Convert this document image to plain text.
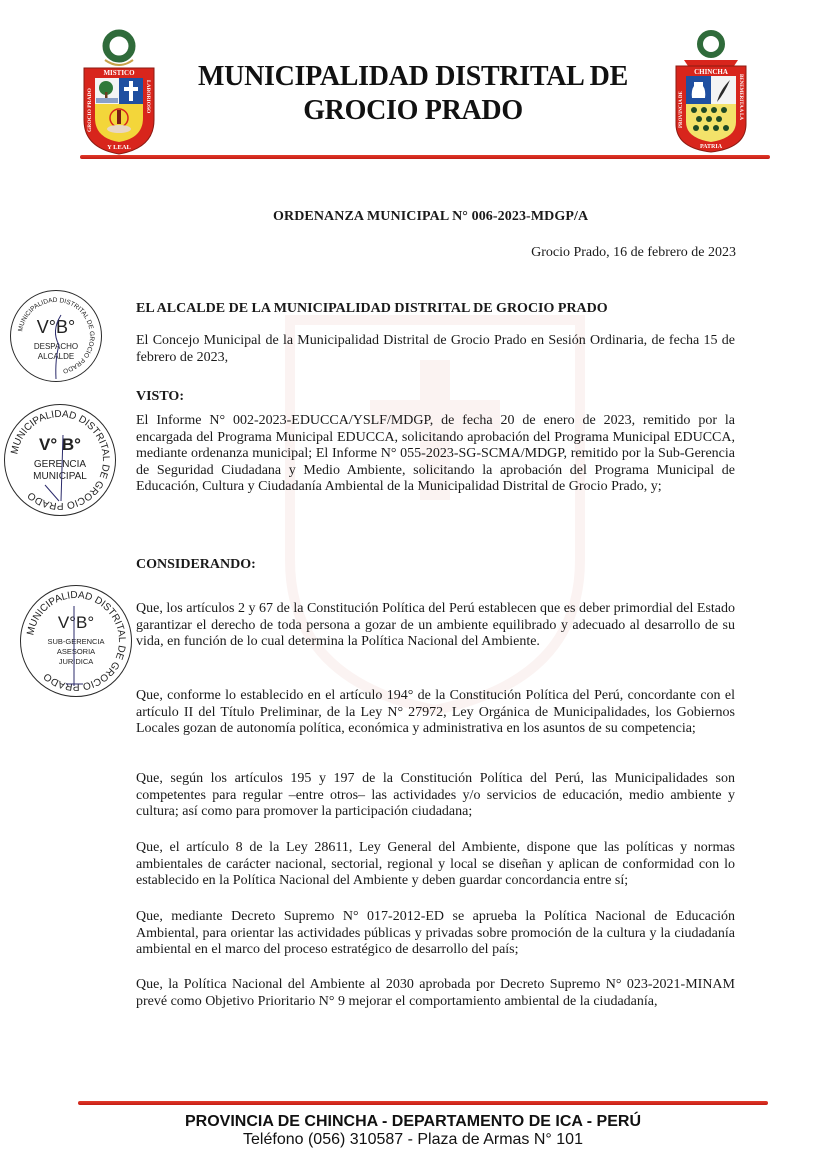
MISTICO
Y LEAL
GROCIO PRADO	LABORIOSO
MUNICIPALIDAD DISTRITAL DE
GROCIO PRADO
CHINCHA
PATRIA
PROVINCIA DE	BENEMERITA A LA
ORDENANZA MUNICIPAL N° 006-2023-MDGP/A
Grocio Prado, 16 de febrero de 2023
MUNICIPALIDAD DISTRITAL DE GROCIO PRADO
V°B°
DESPACHO
ALCALDE
EL ALCALDE DE LA MUNICIPALIDAD DISTRITAL DE GROCIO PRADO
El Concejo Municipal de la Municipalidad Distrital de Grocio Prado en Sesión Ordinaria, de fecha 15 de febrero de 2023,
VISTO:
MUNICIPALIDAD DISTRITAL DE GROCIO PRADO
V° B°
GERENCIA
MUNICIPAL
El Informe N° 002-2023-EDUCCA/YSLF/MDGP, de fecha 20 de enero de 2023, remitido por la encargada del Programa Municipal EDUCCA, solicitando aprobación del Programa Municipal EDUCCA, mediante ordenanza municipal; El Informe N° 055-2023-SG-SCMA/MDGP, remitido por la Sub-Gerencia de Seguridad Ciudadana y Medio Ambiente, solicitando la aprobación del Programa Municipal de Educación, Cultura y Ciudadanía Ambiental de la Municipalidad Distrital de Grocio Prado, y;
CONSIDERANDO:
MUNICIPALIDAD DISTRITAL DE GROCIO PRADO
V°B°
SUB-GERENCIA
ASESORIA
JURIDICA
Que, los artículos 2 y 67 de la Constitución Política del Perú establecen que es deber primordial del Estado garantizar el derecho de toda persona a gozar de un ambiente equilibrado y adecuado al desarrollo de su vida, en función de lo cual determina la Política Nacional del Ambiente.
Que, conforme lo establecido en el artículo 194° de la Constitución Política del Perú, concordante con el artículo II del Título Preliminar, de la Ley N° 27972, Ley Orgánica de Municipalidades, los Gobiernos Locales gozan de autonomía política, económica y administrativa en los asuntos de su competencia;
Que, según los artículos 195 y 197 de la Constitución Política del Perú, las Municipalidades son competentes para regular –entre otros– las actividades y/o servicios de educación, medio ambiente y cultura; así como para promover la participación ciudadana;
Que, el artículo 8 de la Ley 28611, Ley General del Ambiente, dispone que las políticas y normas ambientales de carácter nacional, sectorial, regional y local se diseñan y aplican de conformidad con lo establecido en la Política Nacional del Ambiente y deben guardar concordancia entre sí;
Que, mediante Decreto Supremo N° 017-2012-ED se aprueba la Política Nacional de Educación Ambiental, para orientar las actividades públicas y privadas sobre promoción de la cultura y la ciudadanía ambiental en el marco del proceso estratégico de desarrollo del país;
Que, la Política Nacional del Ambiente al 2030 aprobada por Decreto Supremo N° 023-2021-MINAM prevé como Objetivo Prioritario N° 9 mejorar el comportamiento ambiental de la ciudadanía,
PROVINCIA DE CHINCHA - DEPARTAMENTO DE ICA - PERÚ
Teléfono (056) 310587 - Plaza de Armas N° 101
